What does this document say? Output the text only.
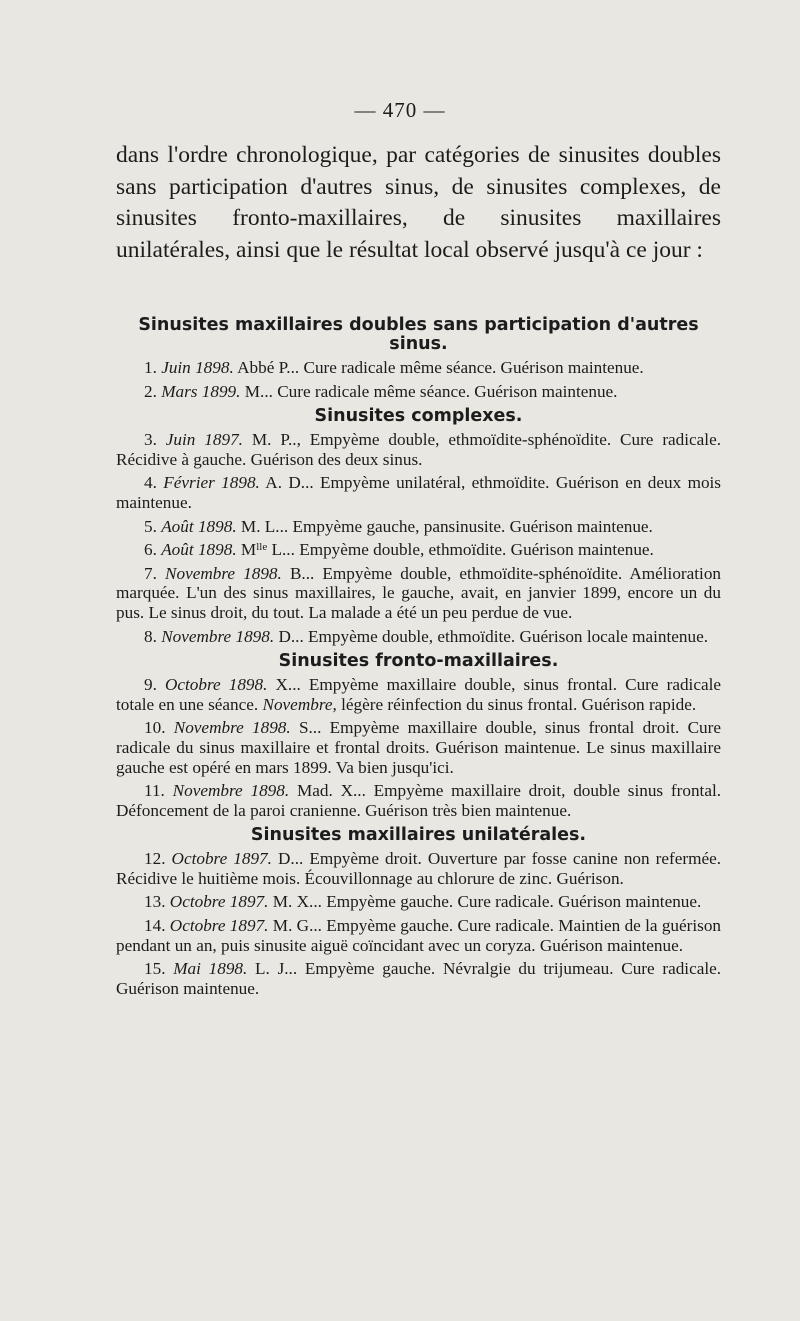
— 470 —
dans l'ordre chronologique, par catégories de sinusites doubles sans participation d'autres sinus, de sinusites complexes, de sinusites fronto-maxillaires, de sinusites maxillaires unilatérales, ainsi que le résultat local observé jusqu'à ce jour :
Sinusites maxillaires doubles sans participation d'autres sinus.

1. Juin 1898. Abbé P... Cure radicale même séance. Guérison maintenue.

2. Mars 1899. M... Cure radicale même séance. Guérison maintenue.

Sinusites complexes.

3. Juin 1897. M. P.., Empyème double, ethmoïdite-sphénoïdite. Cure radicale. Récidive à gauche. Guérison des deux sinus.

4. Février 1898. A. D... Empyème unilatéral, ethmoïdite. Guérison en deux mois maintenue.

5. Août 1898. M. L... Empyème gauche, pansinusite. Guérison maintenue.

6. Août 1898. $M^{lle}$ L... Empyème double, ethmoïdite. Guérison maintenue.

7. Novembre 1898. B... Empyème double, ethmoïdite-sphénoïdite. Amélioration marquée. L'un des sinus maxillaires, le gauche, avait, en janvier 1899, encore un du pus. Le sinus droit, du tout. La malade a été un peu perdue de vue.

8. Novembre 1898. D... Empyème double, ethmoïdite. Guérison locale maintenue.

Sinusites fronto-maxillaires.

9. Octobre 1898. X... Empyème maxillaire double, sinus frontal. Cure radicale totale en une séance. Novembre, légère réinfection du sinus frontal. Guérison rapide.

10. Novembre 1898. S... Empyème maxillaire double, sinus frontal droit. Cure radicale du sinus maxillaire et frontal droits. Guérison maintenue. Le sinus maxillaire gauche est opéré en mars 1899. Va bien jusqu'ici.

11. Novembre 1898. Mad. X... Empyème maxillaire droit, double sinus frontal. Défoncement de la paroi cranienne. Guérison très bien maintenue.

Sinusites maxillaires unilatérales.

12. Octobre 1897. D... Empyème droit. Ouverture par fosse canine non refermée. Récidive le huitième mois. Écouvillonnage au chlorure de zinc. Guérison.

13. Octobre 1897. M. X... Empyème gauche. Cure radicale. Guérison maintenue.

14. Octobre 1897. M. G... Empyème gauche. Cure radicale. Maintien de la guérison pendant un an, puis sinusite aiguë coïncidant avec un coryza. Guérison maintenue.

15. Mai 1898. L. J... Empyème gauche. Névralgie du trijumeau. Cure radicale. Guérison maintenue.
